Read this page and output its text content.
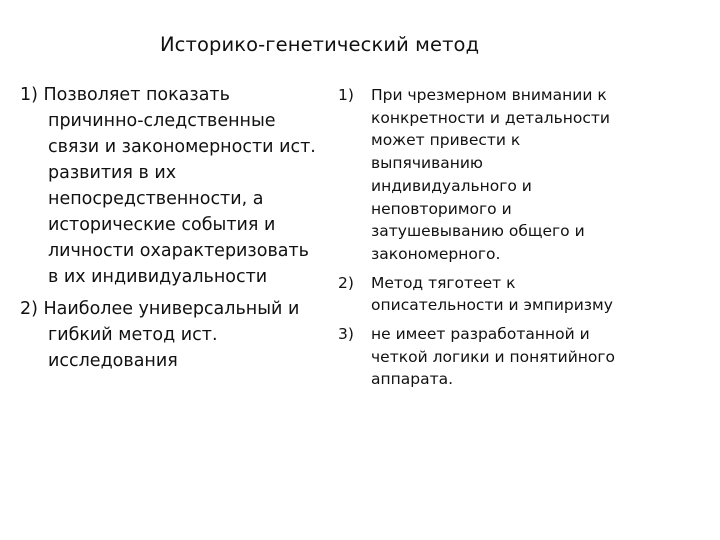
Историко-генетический метод

1) Позволяет показать причинно-следственные связи и закономерности ист. развития в их непосредственности, а исторические события и личности охарактеризовать в их индивидуальности

2) Наиболее универсальный и гибкий метод ист. исследования

1)	При чрезмерном внимании к конкретности и детальности может привести к выпячиванию индивидуального и неповторимого и затушевыванию общего и закономерного.
2)	Метод тяготеет к описательности и эмпиризму
3)	не имеет разработанной и четкой логики и понятийного аппарата.
